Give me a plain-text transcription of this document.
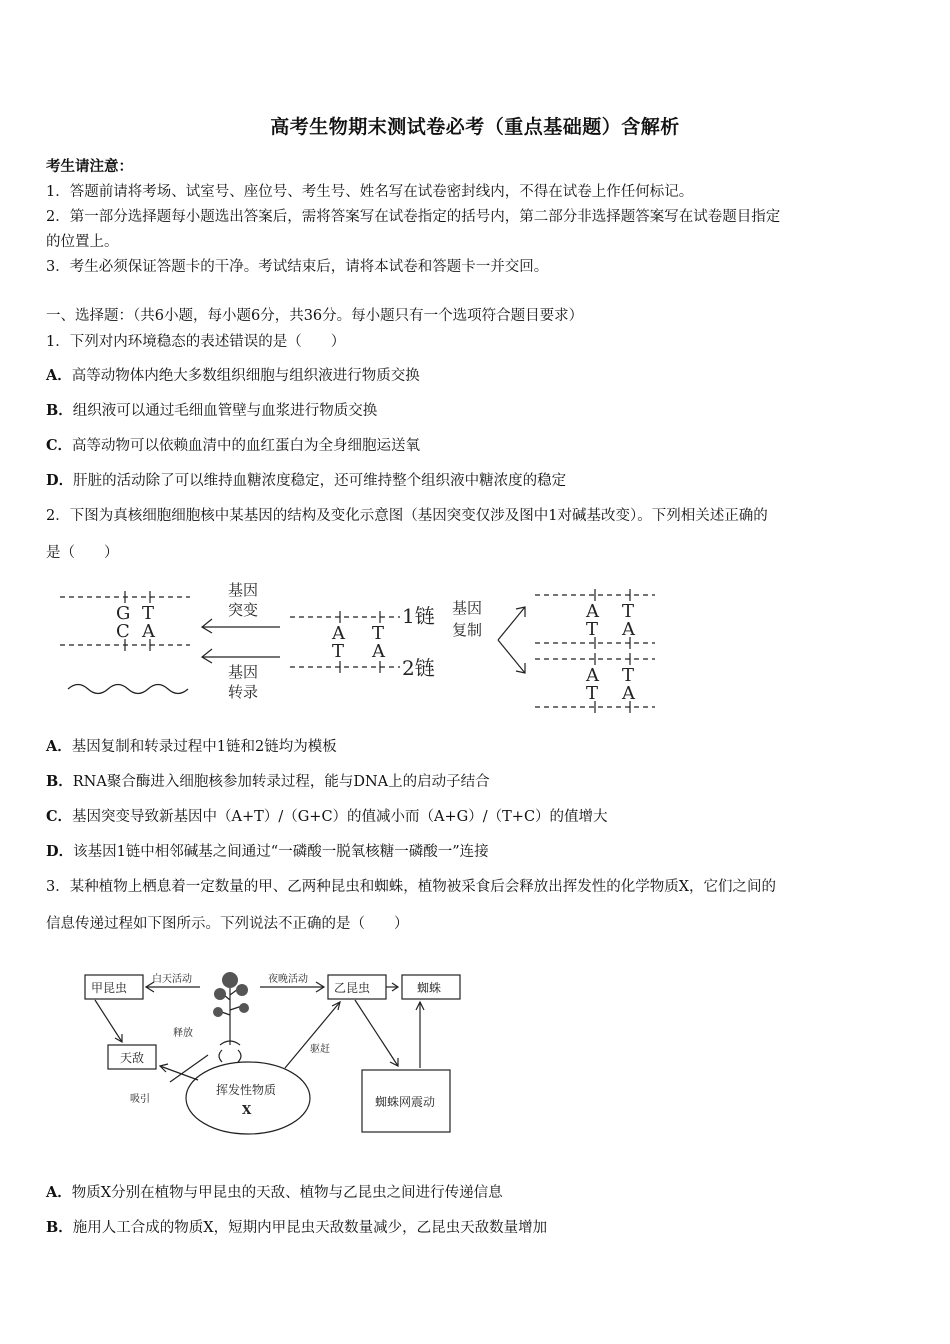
高考生物期末测试卷必考（重点基础题）含解析
考生请注意：
1．答题前请将考场、试室号、座位号、考生号、姓名写在试卷密封线内，不得在试卷上作任何标记。
2．第一部分选择题每小题选出答案后，需将答案写在试卷指定的括号内，第二部分非选择题答案写在试卷题目指定
的位置上。
3．考生必须保证答题卡的干净。考试结束后，请将本试卷和答题卡一并交回。
一、选择题：（共6小题，每小题6分，共36分。每小题只有一个选项符合题目要求）
1．下列对内环境稳态的表述错误的是（　　）
A．高等动物体内绝大多数组织细胞与组织液进行物质交换
B．组织液可以通过毛细血管壁与血浆进行物质交换
C．高等动物可以依赖血清中的血红蛋白为全身细胞运送氧
D．肝脏的活动除了可以维持血糖浓度稳定，还可维持整个组织液中糖浓度的稳定
2．下图为真核细胞细胞核中某基因的结构及变化示意图（基因突变仅涉及图中1对碱基改变）。下列相关述正确的
是（　　）
G T
C A	A T
T A
A T
T A
A T
T A
1链
2链
基因
突变
基因
转录
基因
复制
A．基因复制和转录过程中1链和2链均为模板
B．RNA聚合酶进入细胞核参加转录过程，能与DNA上的启动子结合
C．基因突变导致新基因中（A+T）/（G+C）的值减小而（A+G）/（T+C）的值增大
D．该基因1链中相邻碱基之间通过“一磷酸一脱氧核糖一磷酸一”连接
3．某种植物上栖息着一定数量的甲、乙两种昆虫和蜘蛛，植物被采食后会释放出挥发性的化学物质X，它们之间的
信息传递过程如下图所示。下列说法不正确的是（　　）
甲昆虫
天敌
乙昆虫	蜘蛛
蜘蛛网震动
挥发性物质
X
白天活动	夜晚活动
释放
吸引
驱赶
A．物质X分别在植物与甲昆虫的天敌、植物与乙昆虫之间进行传递信息
B．施用人工合成的物质X，短期内甲昆虫天敌数量减少，乙昆虫天敌数量增加
